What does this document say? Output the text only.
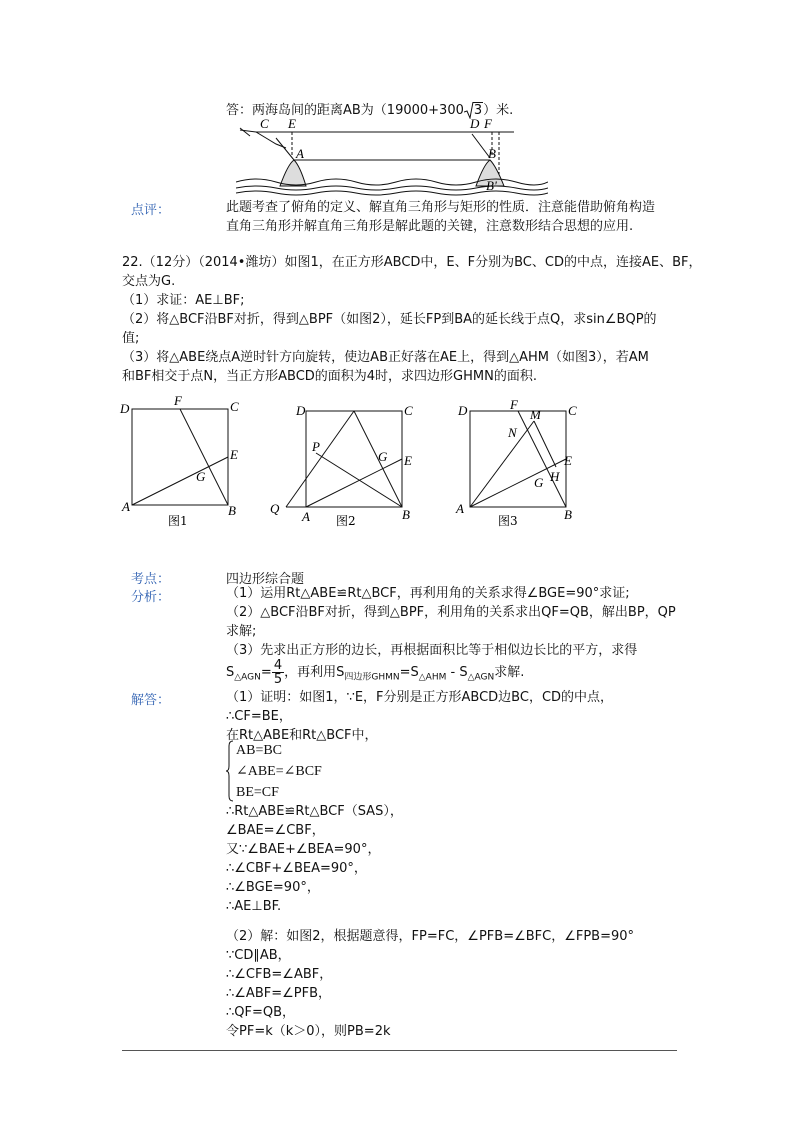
答：两海岛间的距离AB为（19000+300 3）米.
C E	D F
A	B
B'
点评：	此题考查了俯角的定义、解直角三角形与矩形的性质．注意能借助俯角构造
直角三角形并解直角三角形是解此题的关键，注意数形结合思想的应用.
22.（12分）（2014•潍坊）如图1，在正方形ABCD中，E、F分别为BC、CD的中点，连接AE、BF，
交点为G.
（1）求证：AE⊥BF;
（2）将△BCF沿BF对折，得到△BPF（如图2），延长FP到BA的延长线于点Q，求sin∠BQP的
值;
（3）将△ABE绕点A逆时针方向旋转，使边AB正好落在AE上，得到△AHM（如图3），若AM
和BF相交于点N，当正方形ABCD的面积为4时，求四边形GHMN的面积.
D
F	C
E
G
A	B
图1
D	C
P
G E
Q
A	B
图2
D	F	C
M
N
E
G H
A	B
图3
考点：	四边形综合题
分析：	（1）运用Rt△ABE≌Rt△BCF，再利用角的关系求得∠BGE=90°求证;
（2）△BCF沿BF对折，得到△BPF，利用角的关系求出QF=QB，解出BP，QP
求解;
（3）先求出正方形的边长，再根据面积比等于相似边长比的平方，求得
$S_{\triangle AGN}= \frac{4}{5}$ ，再利用$S_{四边形GHMN}=S_{\triangle AHM} - S_{\triangle AGN}$求解.
解答：	（1）证明：如图1，∵E，F分别是正方形ABCD边BC，CD的中点，
∴CF=BE，
在Rt△ABE和Rt△BCF中，
AB=BC
∠ABE=∠BCF
BE=CF
∴Rt△ABE≌Rt△BCF（SAS），
∠BAE=∠CBF，
又∵∠BAE+∠BEA=90°，
∴∠CBF+∠BEA=90°，
∴∠BGE=90°，
∴AE⊥BF.
（2）解：如图2，根据题意得，FP=FC，∠PFB=∠BFC，∠FPB=90°
∵CD∥AB，
∴∠CFB=∠ABF，
∴∠ABF=∠PFB，
∴QF=QB，
令PF=k（k＞0），则PB=2k
